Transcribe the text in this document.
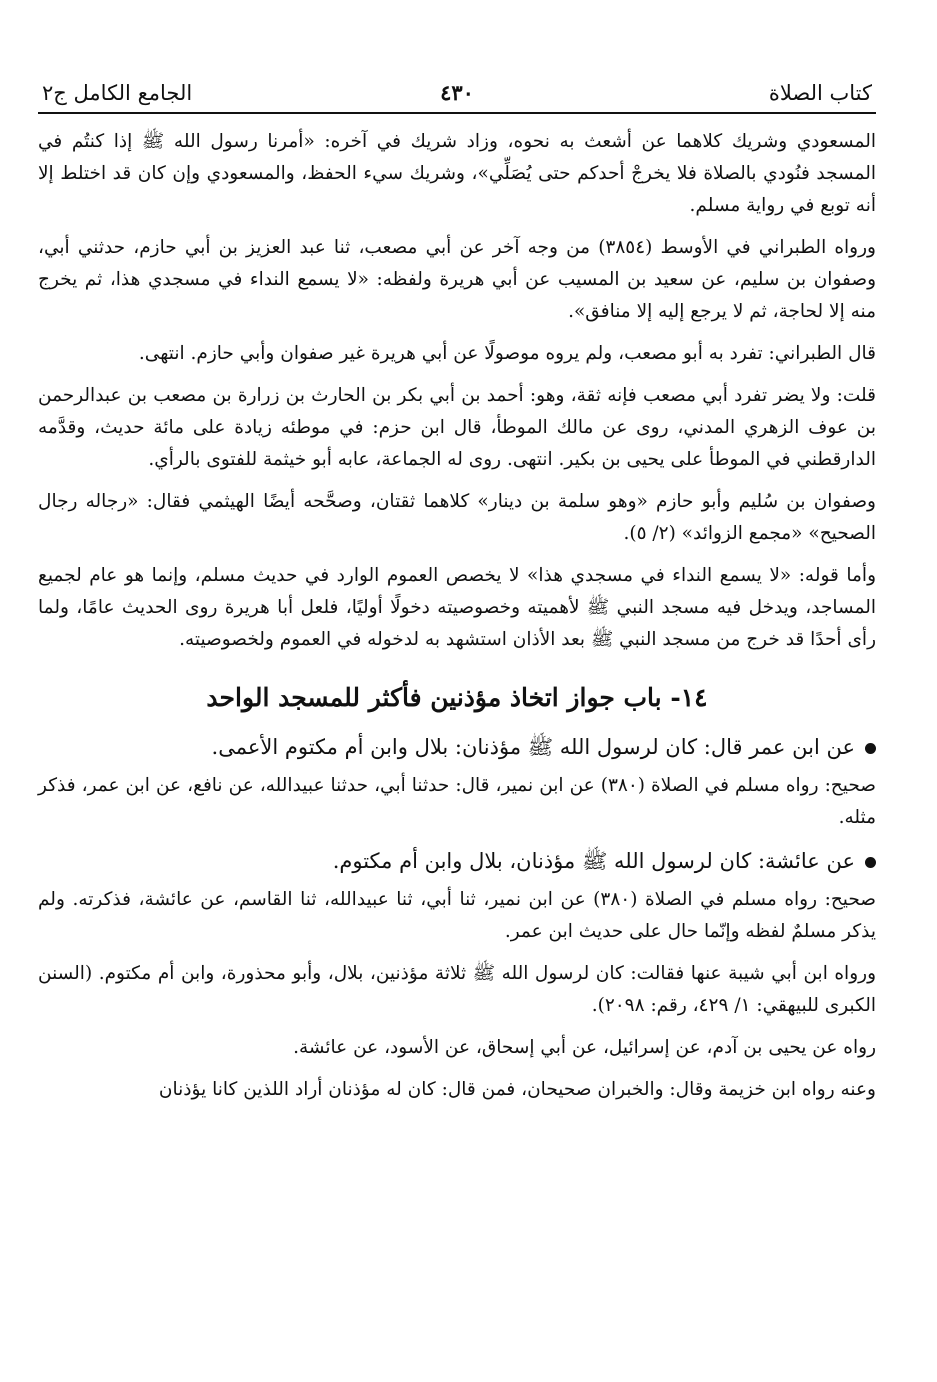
كتاب الصلاة
٤٣٠
الجامع الكامل ج٢

المسعودي وشريك كلاهما عن أشعث به نحوه، وزاد شريك في آخره: «أمرنا رسول الله ﷺ إذا كنتُم في المسجد فنُودي بالصلاة فلا يخرجْ أحدكم حتى يُصَلِّي»، وشريك سيء الحفظ، والمسعودي وإن كان قد اختلط إلا أنه توبع في رواية مسلم.

ورواه الطبراني في الأوسط (٣٨٥٤) من وجه آخر عن أبي مصعب، ثنا عبد العزيز بن أبي حازم، حدثني أبي، وصفوان بن سليم، عن سعيد بن المسيب عن أبي هريرة ولفظه: «لا يسمع النداء في مسجدي هذا، ثم يخرج منه إلا لحاجة، ثم لا يرجع إليه إلا منافق».

قال الطبراني: تفرد به أبو مصعب، ولم يروه موصولًا عن أبي هريرة غير صفوان وأبي حازم. انتهى.

قلت: ولا يضر تفرد أبي مصعب فإنه ثقة، وهو: أحمد بن أبي بكر بن الحارث بن زرارة بن مصعب بن عبدالرحمن بن عوف الزهري المدني، روى عن مالك الموطأ، قال ابن حزم: في موطئه زيادة على مائة حديث، وقدَّمه الدارقطني في الموطأ على يحيى بن بكير. انتهى. روى له الجماعة، عابه أبو خيثمة للفتوى بالرأي.

وصفوان بن سُليم وأبو حازم «وهو سلمة بن دينار» كلاهما ثقتان، وصحَّحه أيضًا الهيثمي فقال: «رجاله رجال الصحيح» «مجمع الزوائد» (٢/ ٥).

وأما قوله: «لا يسمع النداء في مسجدي هذا» لا يخصص العموم الوارد في حديث مسلم، وإنما هو عام لجميع المساجد، ويدخل فيه مسجد النبي ﷺ لأهميته وخصوصيته دخولًا أوليًا، فلعل أبا هريرة روى الحديث عامًا، ولما رأى أحدًا قد خرج من مسجد النبي ﷺ بعد الأذان استشهد به لدخوله في العموم ولخصوصيته.

١٤- باب جواز اتخاذ مؤذنين فأكثر للمسجد الواحد
عن ابن عمر قال: كان لرسول الله ﷺ مؤذنان: بلال وابن أم مكتوم الأعمى.

صحيح: رواه مسلم في الصلاة (٣٨٠) عن ابن نمير، قال: حدثنا أبي، حدثنا عبيدالله، عن نافع، عن ابن عمر، فذكر مثله.

عن عائشة: كان لرسول الله ﷺ مؤذنان، بلال وابن أم مكتوم.

صحيح: رواه مسلم في الصلاة (٣٨٠) عن ابن نمير، ثنا أبي، ثنا عبيدالله، ثنا القاسم، عن عائشة، فذكرته. ولم يذكر مسلمٌ لفظه وإنّما حال على حديث ابن عمر.

ورواه ابن أبي شيبة عنها فقالت: كان لرسول الله ﷺ ثلاثة مؤذنين، بلال، وأبو محذورة، وابن أم مكتوم. (السنن الكبرى للبيهقي: ١/ ٤٢٩، رقم: ٢٠٩٨).

رواه عن يحيى بن آدم، عن إسرائيل، عن أبي إسحاق، عن الأسود، عن عائشة.

وعنه رواه ابن خزيمة وقال: والخبران صحيحان، فمن قال: كان له مؤذنان أراد اللذين كانا يؤذنان
